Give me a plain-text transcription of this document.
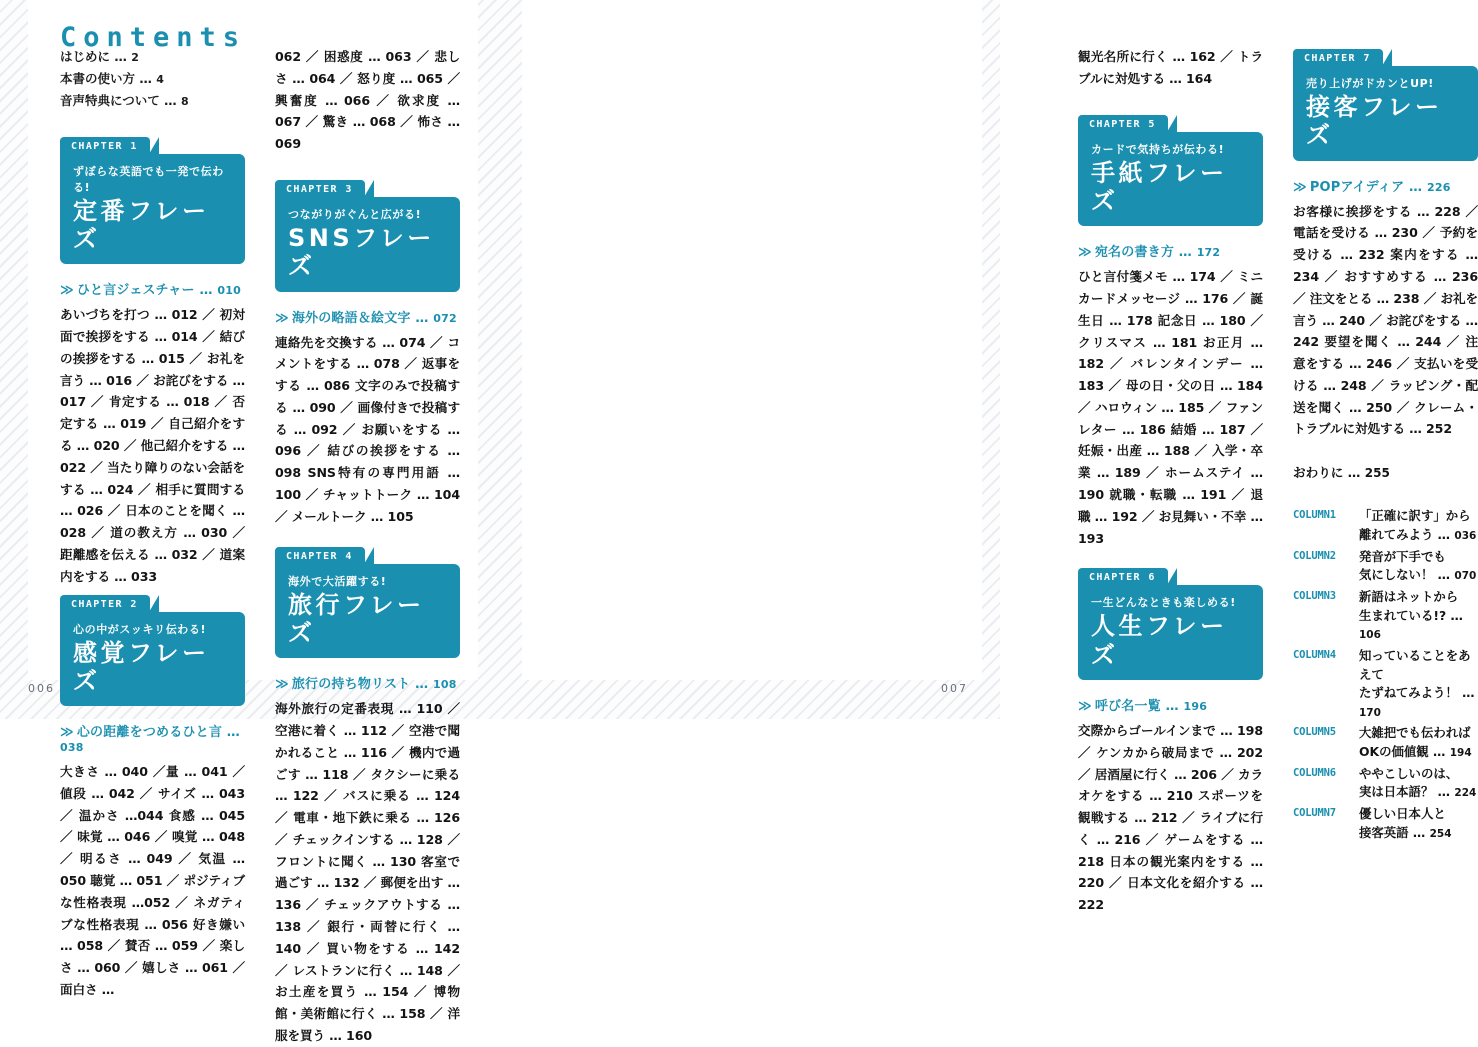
Contents
はじめに … 2
本書の使い方 … 4
音声特典について … 8
CHAPTER 1
ずぼらな英語でも一発で伝わる!
定番フレーズ
≫ ひと言ジェスチャー … 010
あいづちを打つ … 012 ／ 初対面で挨拶をする … 014 ／ 結びの挨拶をする … 015 ／ お礼を言う … 016 ／ お詫びをする … 017 ／ 肯定する … 018 ／ 否定する … 019 ／ 自己紹介をする … 020 ／ 他己紹介をする … 022 ／ 当たり障りのない会話をする … 024 ／ 相手に質問する … 026 ／ 日本のことを聞く … 028 ／ 道の教え方 … 030 ／ 距離感を伝える … 032 ／ 道案内をする … 033
CHAPTER 2
心の中がスッキリ伝わる!
感覚フレーズ
≫ 心の距離をつめるひと言 … 038
大きさ … 040 ／量 … 041 ／ 値段 … 042 ／ サイズ … 043 ／ 温かさ …044 食感 … 045 ／ 味覚 … 046 ／ 嗅覚 … 048 ／ 明るさ … 049 ／ 気温 … 050 聴覚 … 051 ／ ポジティブな性格表現 …052 ／ ネガティブな性格表現 … 056 好き嫌い … 058 ／ 賛否 … 059 ／ 楽しさ … 060 ／ 嬉しさ … 061 ／ 面白さ …
062 ／ 困惑度 … 063 ／ 悲しさ … 064 ／ 怒り度 … 065 ／ 興奮度 … 066 ／ 欲求度 … 067 ／ 驚き … 068 ／ 怖さ … 069
CHAPTER 3
つながりがぐんと広がる!
SNSフレーズ
≫ 海外の略語＆絵文字 … 072
連絡先を交換する … 074 ／ コメントをする … 078 ／ 返事をする … 086 文字のみで投稿する … 090 ／ 画像付きで投稿する … 092 ／ お願いをする … 096 ／ 結びの挨拶をする … 098 SNS特有の専門用語 … 100 ／ チャットトーク … 104 ／ メールトーク … 105
CHAPTER 4
海外で大活躍する!
旅行フレーズ
≫ 旅行の持ち物リスト … 108
海外旅行の定番表現 … 110 ／ 空港に着く … 112 ／ 空港で聞かれること … 116 ／ 機内で過ごす … 118 ／ タクシーに乗る … 122 ／ バスに乗る … 124 ／ 電車・地下鉄に乗る … 126 ／ チェックインする … 128 ／ フロントに聞く … 130 客室で過ごす … 132 ／ 郵便を出す … 136 ／ チェックアウトする … 138 ／ 銀行・両替に行く … 140 ／ 買い物をする … 142 ／ レストランに行く … 148 ／ お土産を買う … 154 ／ 博物館・美術館に行く … 158 ／ 洋服を買う … 160
006
観光名所に行く … 162 ／ トラブルに対処する … 164
CHAPTER 5
カードで気持ちが伝わる!
手紙フレーズ
≫ 宛名の書き方 … 172
ひと言付箋メモ … 174 ／ ミニカードメッセージ … 176 ／ 誕生日 … 178 記念日 … 180 ／ クリスマス … 181 お正月 … 182 ／ バレンタインデー … 183 ／ 母の日・父の日 … 184 ／ ハロウィン … 185 ／ ファンレター … 186 結婚 … 187 ／ 妊娠・出産 … 188 ／ 入学・卒業 … 189 ／ ホームステイ … 190 就職・転職 … 191 ／ 退職 … 192 ／ お見舞い・不幸 … 193
CHAPTER 6
一生どんなときも楽しめる!
人生フレーズ
≫ 呼び名一覧 … 196
交際からゴールインまで … 198 ／ ケンカから破局まで … 202 ／ 居酒屋に行く … 206 ／ カラオケをする … 210 スポーツを観戦する … 212 ／ ライブに行く … 216 ／ ゲームをする … 218 日本の観光案内をする … 220 ／ 日本文化を紹介する … 222
CHAPTER 7
売り上げがドカンとUP!
接客フレーズ
≫ POPアイディア … 226
お客様に挨拶をする … 228 ／ 電話を受ける … 230 ／ 予約を受ける … 232 案内をする … 234 ／ おすすめする … 236 ／ 注文をとる … 238 ／ お礼を言う … 240 ／ お詫びをする … 242 要望を聞く … 244 ／ 注意をする … 246 ／ 支払いを受ける … 248 ／ ラッピング・配送を聞く … 250 ／ クレーム・トラブルに対処する … 252
おわりに … 255
COLUMN1	「正確に訳す」から
離れてみよう … 036
COLUMN2	発音が下手でも
気にしない！ … 070
COLUMN3	新語はネットから
生まれている!? … 106
COLUMN4	知っていることをあえて
たずねてみよう！ … 170
COLUMN5	大雑把でも伝われば
OKの価値観 … 194
COLUMN6	ややこしいのは、
実は日本語？ … 224
COLUMN7	優しい日本人と
接客英語 … 254
007
